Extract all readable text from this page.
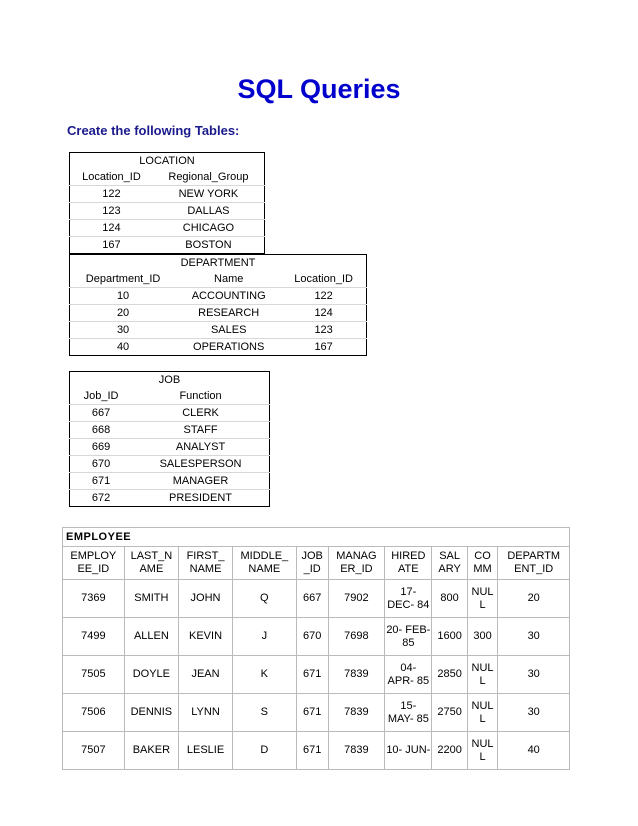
SQL Queries
Create the following Tables:
LOCATION	
Location_ID	Regional_Group
122	NEW YORK
123	DALLAS
124	CHICAGO
167	BOSTON
DEPARTMENT		
Department_ID	Name	Location_ID
10	ACCOUNTING	122
20	RESEARCH	124
30	SALES	123
40	OPERATIONS	167
JOB	
Job_ID	Function
667	CLERK
668	STAFF
669	ANALYST
670	SALESPERSON
671	MANAGER
672	PRESIDENT
EMPLOYEE									
EMPLOY EE_ID	LAST_N AME	FIRST_ NAME	MIDDLE_ NAME	JOB _ID	MANAG ER_ID	HIRED ATE	SAL ARY	CO MM	DEPARTM ENT_ID
7369	SMITH	JOHN	Q	667	7902	17- DEC- 84	800	NUL L	20
7499	ALLEN	KEVIN	J	670	7698	20- FEB- 85	1600	300	30
7505	DOYLE	JEAN	K	671	7839	04- APR- 85	2850	NUL L	30
7506	DENNIS	LYNN	S	671	7839	15- MAY- 85	2750	NUL L	30
7507	BAKER	LESLIE	D	671	7839	10- JUN-	2200	NUL L	40
